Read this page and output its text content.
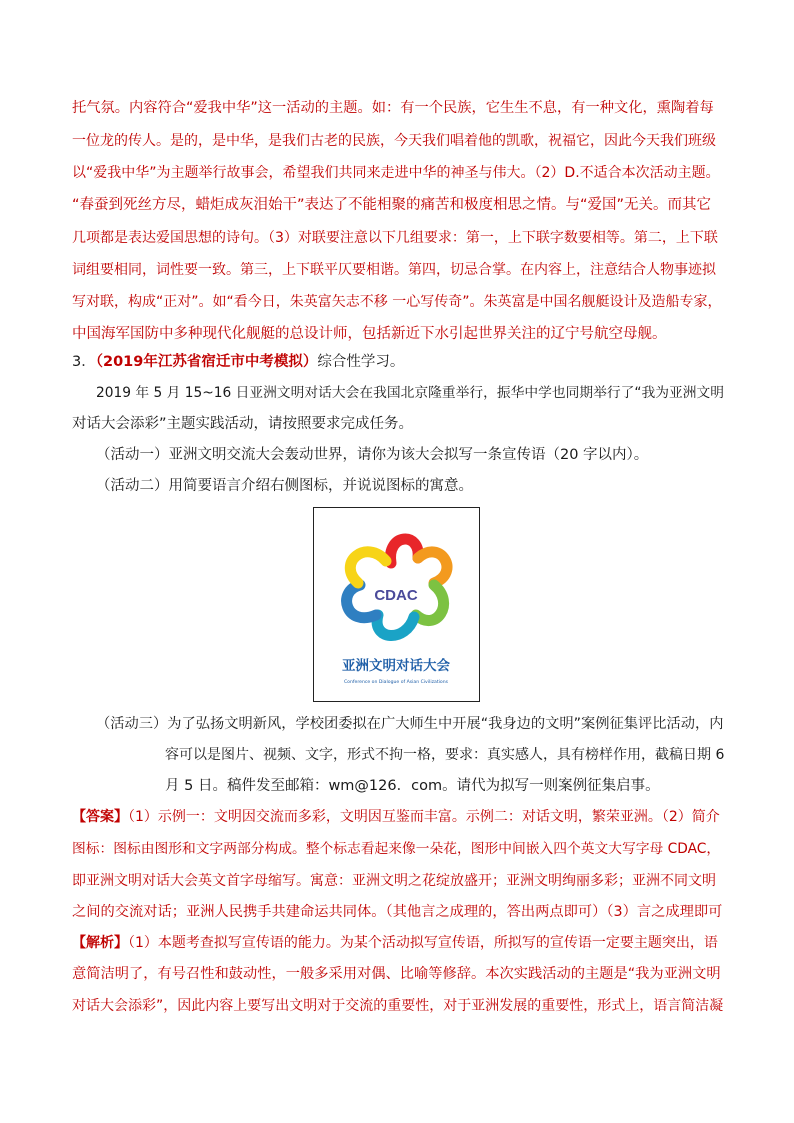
托气氛。内容符合“爱我中华”这一活动的主题。如：有一个民族，它生生不息，有一种文化，熏陶着每
一位龙的传人。是的，是中华，是我们古老的民族，今天我们唱着他的凯歌，祝福它，因此今天我们班级
以“爱我中华”为主题举行故事会，希望我们共同来走进中华的神圣与伟大。（2）D.不适合本次活动主题。
“春蚕到死丝方尽，蜡炬成灰泪始干”表达了不能相聚的痛苦和极度相思之情。与“爱国”无关。而其它
几项都是表达爱国思想的诗句。（3）对联要注意以下几组要求：第一，上下联字数要相等。第二，上下联
词组要相同，词性要一致。第三，上下联平仄要相谐。第四，切忌合掌。在内容上，注意结合人物事迹拟
写对联，构成“正对”。如“看今日，朱英富矢志不移 一心写传奇”。朱英富是中国名舰艇设计及造船专家，
中国海军国防中多种现代化舰艇的总设计师，包括新近下水引起世界关注的辽宁号航空母舰。
3．（2019年江苏省宿迁市中考模拟）综合性学习。
2019 年 5 月 15~16 日亚洲文明对话大会在我国北京隆重举行，振华中学也同期举行了“我为亚洲文明
对话大会添彩”主题实践活动，请按照要求完成任务。
（活动一）亚洲文明交流大会轰动世界，请你为该大会拟写一条宣传语（20 字以内）。
（活动二）用简要语言介绍右侧图标，并说说图标的寓意。
CDAC
亚洲文明对话大会
Conference on Dialogue of Asian Civilizations
（活动三）为了弘扬文明新风，学校团委拟在广大师生中开展“我身边的文明”案例征集评比活动，内
容可以是图片、视频、文字，形式不拘一格，要求：真实感人，具有榜样作用，截稿日期 6
月 5 日。稿件发至邮箱：wm@126．com。请代为拟写一则案例征集启事。
【答案】（1）示例一：文明因交流而多彩，文明因互鉴而丰富。示例二：对话文明，繁荣亚洲。（2）简介
图标：图标由图形和文字两部分构成。整个标志看起来像一朵花，图形中间嵌入四个英文大写字母 CDAC，
即亚洲文明对话大会英文首字母缩写。寓意：亚洲文明之花绽放盛开；亚洲文明绚丽多彩；亚洲不同文明
之间的交流对话；亚洲人民携手共建命运共同体。（其他言之成理的，答出两点即可）（3）言之成理即可
【解析】（1）本题考查拟写宣传语的能力。为某个活动拟写宣传语，所拟写的宣传语一定要主题突出，语
意简洁明了，有号召性和鼓动性，一般多采用对偶、比喻等修辞。本次实践活动的主题是“我为亚洲文明
对话大会添彩”，因此内容上要写出文明对于交流的重要性，对于亚洲发展的重要性，形式上，语言简洁凝
